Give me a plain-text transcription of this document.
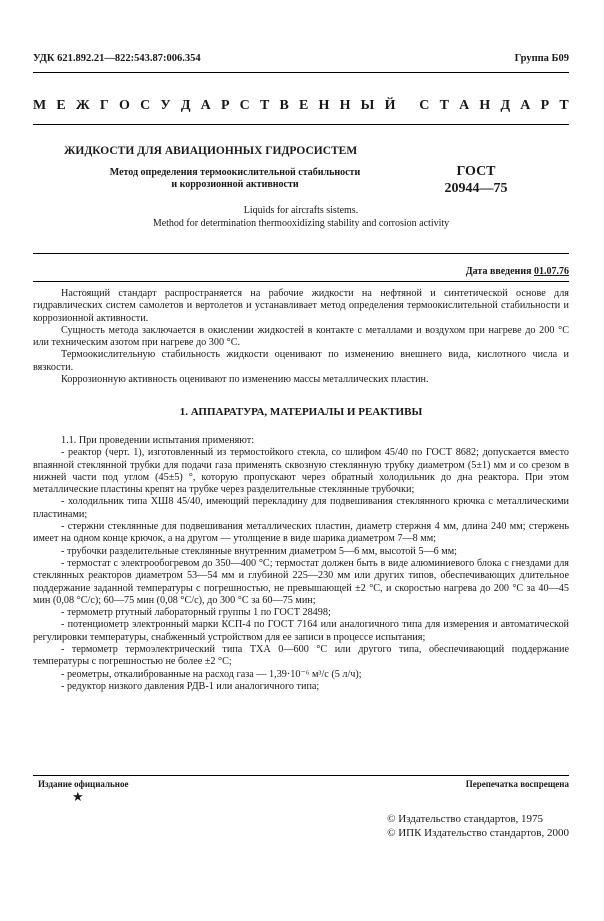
УДК 621.892.21—822:543.87:006.354	Группа Б09
М Е Ж Г О С У Д А Р С Т В Е Н Н Ы Й
С Т А Н Д А Р Т
ЖИДКОСТИ ДЛЯ АВИАЦИОННЫХ ГИДРОСИСТЕМ
Метод определения термоокислительной стабильности
и коррозионной активности
ГОСТ
20944—75
Liquids for aircrafts sistems.
Method for determination thermooxidizing stability and corrosion activity
Дата введения 01.07.76

Настоящий стандарт распространяется на рабочие жидкости на нефтяной и синтетической основе для гидравлических систем самолетов и вертолетов и устанавливает метод определения термоокислительной стабильности и коррозионной активности.

Сущность метода заключается в окислении жидкостей в контакте с металлами и воздухом при нагреве до 200 °С или техническим азотом при нагреве до 300 °С.

Термоокислительную стабильность жидкости оценивают по изменению внешнего вида, кислотного числа и вязкости.

Коррозионную активность оценивают по изменению массы металлических пластин.

1. АППАРАТУРА, МАТЕРИАЛЫ И РЕАКТИВЫ

1.1. При проведении испытания применяют:

- реактор (черт. 1), изготовленный из термостойкого стекла, со шлифом 45/40 по ГОСТ 8682; допускается вместо впаянной стеклянной трубки для подачи газа применять сквозную стеклянную трубку диаметром (5±1) мм и со срезом в нижней части под углом (45±5) °, которую пропускают через обратный холодильник до дна реактора. При этом металлические пластины крепят на трубке через разделительные стеклянные трубочки;

- холодильник типа ХШ8 45/40, имеющий перекладину для подвешивания стеклянного крючка с металлическими пластинами;

- стержни стеклянные для подвешивания металлических пластин, диаметр стержня 4 мм, длина 240 мм; стержень имеет на одном конце крючок, а на другом — утолщение в виде шарика диаметром 7—8 мм;

- трубочки разделительные стеклянные внутренним диаметром 5—6 мм, высотой 5—6 мм;

- термостат с электрообогревом до 350—400 °С; термостат должен быть в виде алюминиевого блока с гнездами для стеклянных реакторов диаметром 53—54 мм и глубиной 225—230 мм или других типов, обеспечивающих длительное поддержание заданной температуры с погрешностью, не превышающей ±2 °С, и скоростью нагрева до 200 °С за 40—45 мин (0,08 °С/с); 60—75 мин (0,08 °С/с), до 300 °С за 60—75 мин;

- термометр ртутный лабораторный группы 1 по ГОСТ 28498;

- потенциометр электронный марки КСП-4 по ГОСТ 7164 или аналогичного типа для измерения и автоматической регулировки температуры, снабженный устройством для ее записи в процессе испытания;

- термометр термоэлектрический типа ТХА 0—600 °С или другого типа, обеспечивающий поддержание температуры с погрешностью не более ±2 °С;

- реометры, откалиброванные на расход газа — 1,39·10⁻⁶ м³/с (5 л/ч);

- редуктор низкого давления РДВ-1 или аналогичного типа;

Издание официальное
★
Перепечатка воспрещена
© Издательство стандартов, 1975
© ИПК Издательство стандартов, 2000
